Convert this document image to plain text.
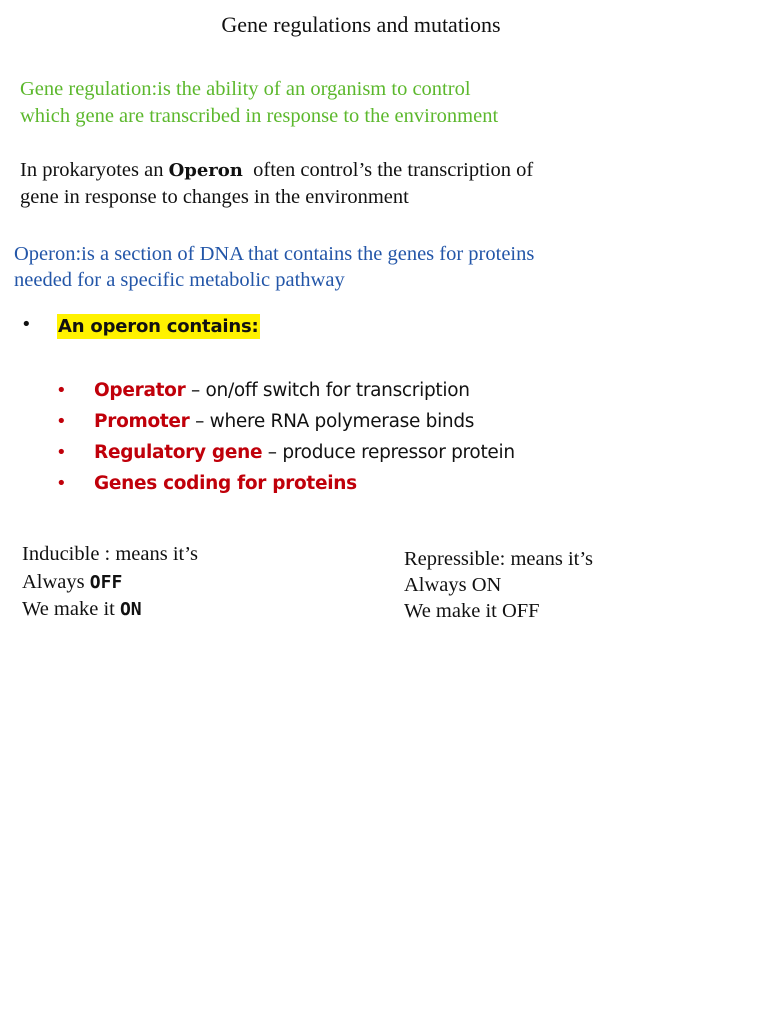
Gene regulations and mutations
Gene regulation:is the ability of an organism to control
which gene are transcribed in response to the environment
In prokaryotes an Operon  often control’s the transcription of
gene in response to changes in the environment
Operon:is a section of DNA that contains the genes for proteins
needed for a specific metabolic pathway
• An operon contains:
• Operator – on/off switch for transcription
• Promoter – where RNA polymerase binds
• Regulatory gene – produce repressor protein
• Genes coding for proteins
Inducible : means it’s
Always OFF
We make it ON
Repressible: means it’s
Always ON
We make it OFF
